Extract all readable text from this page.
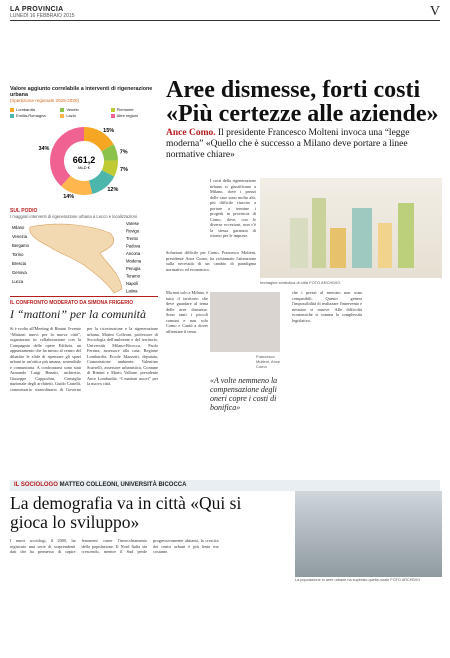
LA PROVINCIA
LUNEDÌ 16 FEBBRAIO 2015	V
Valore aggiunto correlabile a interventi di rigenerazione urbana
(ripartizione regionale 2025-2030)
Lombardia	Veneto	Piemonte
Emilia-Romagna	Lazio	Altre regioni
15%
7%
7%
12%
14%
34%
661,2
MLD €
SUL PODIO
I maggiori interventi di rigenerazione urbana a Lecco e localizzazioni
Milano
Venezia
Bergamo
Torino
Brescia
Genova
Lucca
Varese
Rovigo
Trento
Padova
Ancona
Modena
Perugia
Teramo
Napoli
Latina
IL CONFRONTO MODERATO DA SIMONA FRIGERIO
I “mattoni” per la comunità
Si è svolto all'Meeting di Rimini l'evento “Mattoni nuovi per la nuova città”, organizzato in collaborazione con la Compagnia delle opere Edilizia, un appuntamento che ha messo al centro del dibattito le sfide di ripensare gli spazi urbani in un'ottica più umana, sostenibile e comunitaria. A confrontarsi sono stati Armando Luigi Benatti, architetto, Giuseppe Cappochin, Consiglio nazionale degli architetti, Guido Castelli, commissario straordinario di Governo per la ricostruzione e la rigenerazione urbana, Matteo Colleoni, professore di Sociologia dell'ambiente e del territorio, Università Milano-Bicocca, Paolo Ferrara, assessore alla casa, Regione Lombardia, Ercole Mazzotti, deputata, Commissione ambiente. Valentino Scarselli, assessore urbanistica, Comune di Rimini e Mario Vallone, presidente Ance Lombardia. “I mattoni nuovi” per la nuova città.
Aree dismesse, forti costi «Più certezze alle aziende»
Ance Como. Il presidente Francesco Molteni invoca una “legge moderna” «Quello che è successo a Milano deve portare a linee normative chiare»
I costi della rigenerazione urbana si giustificano a Milano, dove i prezzi delle case sono molto alti, più difficile riuscire a portare a termine i progetti in provincia di Como, dove, con le diverse eccezioni, non c'è la stessa garanzia di ritorno per le imprese.
Soluzioni difficile per Como. Francesco Molteni, presidente Ance Como, ha richiamato l'attenzione sulla necessità di un cambio di paradigma normativo ed economico.
Immagine simbolica di città FOTO ARCHIVIO
Ma non solo a Milano, è tutto il territorio che deve guardare al tema delle aree dismesse. Sono tanti i piccoli comuni e non solo Como e Cantù a dover affrontare il tema.
Francesco Molteni, Ance Como
«A volte nemmeno la compensazione degli oneri copre i costi di bonifica»
che i prezzi al mercato non sono compatibili. Questo genera l'impossibilità di realizzare l'intervento e nessuno si muove. Alle difficoltà economiche si somma la complessità legislativa.
IL SOCIOLOGO MATTEO COLLEONI, UNIVERSITÀ BICOCCA
La demografia va in città «Qui si gioca lo sviluppo»
I nuovi sociologi, il 2000, ha registrato una serie di sorprendenti dati che ha permesso di capire fenomeni come l'invecchiamento della popolazione. Il Nord Italia sta crescendo, mentre il Sud perde progressivamente abitanti, la crescita dei centri urbani è più lenta ma costante.
La popolazione in aree urbane ha superato quella rurale FOTO ARCHIVIO
